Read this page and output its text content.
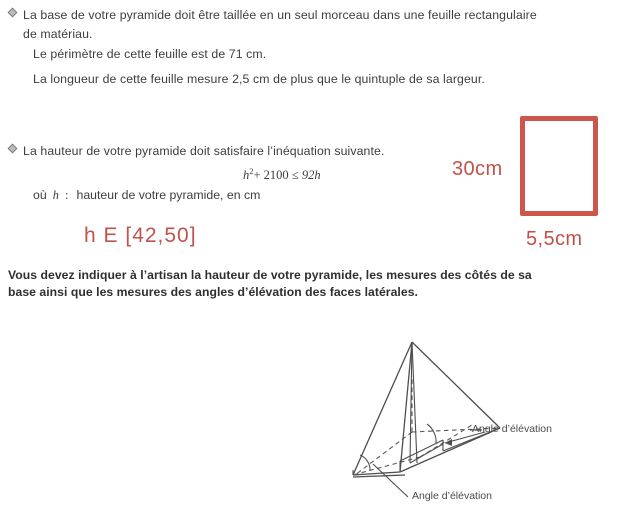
La base de votre pyramide doit être taillée en un seul morceau dans une feuille rectangulaire
de matériau.
Le périmètre de cette feuille est de 71 cm.
La longueur de cette feuille mesure 2,5 cm de plus que le quintuple de sa largeur.
La hauteur de votre pyramide doit satisfaire l’inéquation suivante.
$h^2+ 2100 \le 92h$
où h : hauteur de votre pyramide, en cm
h E [42,50]
30cm
5,5cm
Vous devez indiquer à l’artisan la hauteur de votre pyramide, les mesures des côtés de sa
base ainsi que les mesures des angles d’élévation des faces latérales.
Angle d’élévation
Angle d’élévation
